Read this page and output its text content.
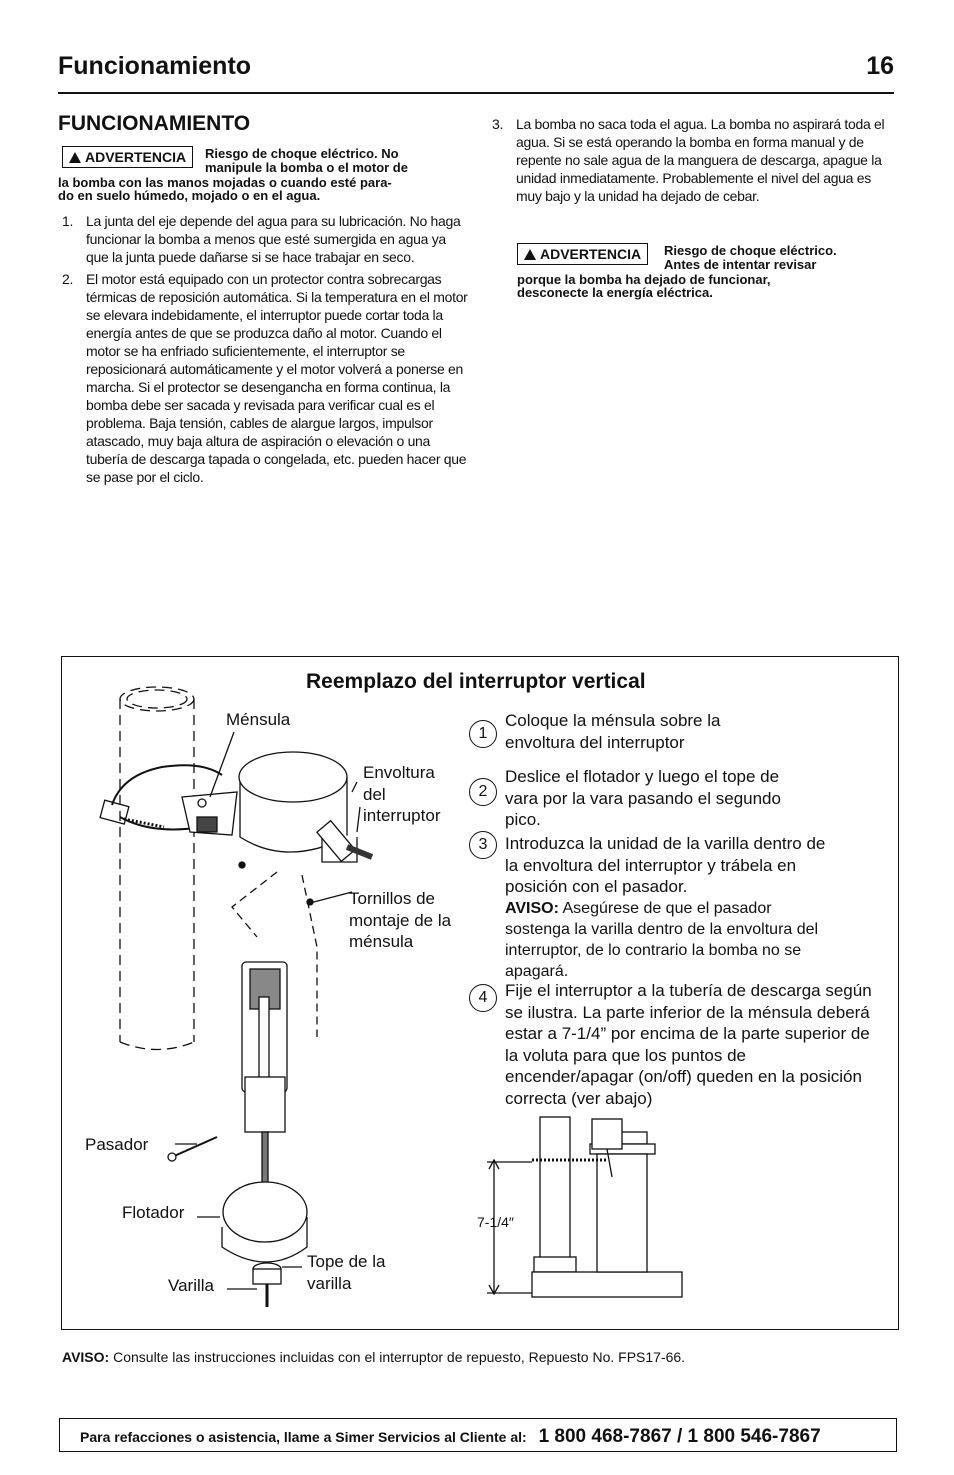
Funcionamiento	16
FUNCIONAMIENTO
ADVERTENCIA	Riesgo de choque eléctrico. No
manipule la bomba o el motor de
la bomba con las manos mojadas o cuando esté para-
do en suelo húmedo, mojado o en el agua.
1. La junta del eje depende del agua para su lubricación. No haga funcionar la bomba a menos que esté sumergida en agua ya que la junta puede dañarse si se hace trabajar en seco.
2. El motor está equipado con un protector contra sobrecargas térmicas de reposición automática. Si la temperatura en el motor se elevara indebidamente, el interruptor puede cortar toda la energía antes de que se produzca daño al motor. Cuando el motor se ha enfriado suficientemente, el interruptor se reposicionará automáticamente y el motor volverá a ponerse en marcha. Si el protector se desengancha en forma continua, la bomba debe ser sacada y revisada para verificar cual es el problema. Baja tensión, cables de alargue largos, impulsor atascado, muy baja altura de aspiración o elevación o una tubería de descarga tapada o congelada, etc. pueden hacer que se pase por el ciclo.
3. La bomba no saca toda el agua. La bomba no aspirará toda el agua. Si se está operando la bomba en forma manual y de repente no sale agua de la manguera de descarga, apague la unidad inmediatamente. Probablemente el nivel del agua es muy bajo y la unidad ha dejado de cebar.
ADVERTENCIA	Riesgo de choque eléctrico.
Antes de intentar revisar
porque la bomba ha dejado de funcionar,
desconecte la energía eléctrica.
Reemplazo del interruptor vertical
Ménsula
Envoltura del interruptor
Tornillos de montaje de la ménsula
Pasador
Flotador
Varilla
Tope de la varilla
7-1/4″
1
Coloque la ménsula sobre la envoltura del interruptor
2
Deslice el flotador y luego el tope de vara por la vara pasando el segundo pico.
3	Introduzca la unidad de la varilla dentro de la envoltura del interruptor y trábela en posición con el pasador.
AVISO: Asegúrese de que el pasador sostenga la varilla dentro de la envoltura del interruptor, de lo contrario la bomba no se apagará.
4	Fije el interruptor a la tubería de descarga según se ilustra. La parte inferior de la ménsula deberá estar a 7-1/4” por encima de la parte superior de la voluta para que los puntos de encender/apagar (on/off) queden en la posición correcta (ver abajo)
AVISO: Consulte las instrucciones incluidas con el interruptor de repuesto, Repuesto No. FPS17-66.
Para refacciones o asistencia, llame a Simer Servicios al Cliente al: 1 800 468-7867 / 1 800 546-7867
